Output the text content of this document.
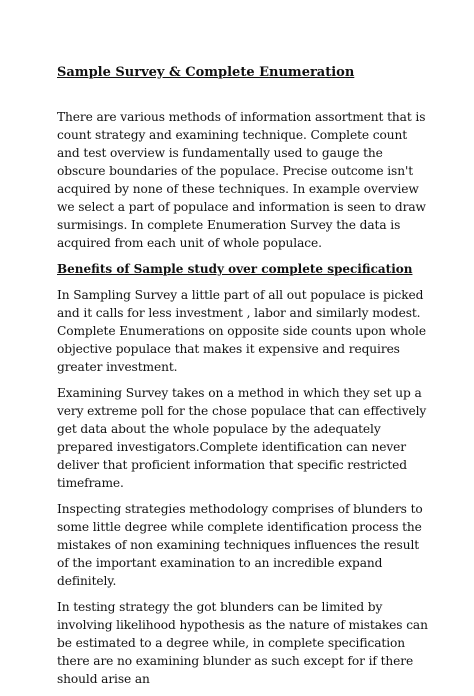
Sample Survey & Complete Enumeration

There are various methods of information assortment that is count strategy and examining technique. Complete count and test overview is fundamentally used to gauge the obscure boundaries of the populace. Precise outcome isn't acquired by none of these techniques. In example overview we select a part of populace and information is seen to draw surmisings. In complete Enumeration Survey the data is acquired from each unit of whole populace.

Benefits of Sample study over complete specification

In Sampling Survey a little part of all out populace is picked and it calls for less investment , labor and similarly modest. Complete Enumerations on opposite side counts upon whole objective populace that makes it expensive and requires greater investment.

Examining Survey takes on a method in which they set up a very extreme poll for the chose populace that can effectively get data about the whole populace by the adequately prepared investigators.Complete identification can never deliver that proficient information that specific restricted timeframe.

Inspecting strategies methodology comprises of blunders to some little degree while complete identification process the mistakes of non examining techniques influences the result of the important examination to an incredible expand definitely.

In testing strategy the got blunders can be limited by involving likelihood hypothesis as the nature of mistakes can be estimated to a degree while, in complete specification there are no examining blunder as such except for if there should arise an
